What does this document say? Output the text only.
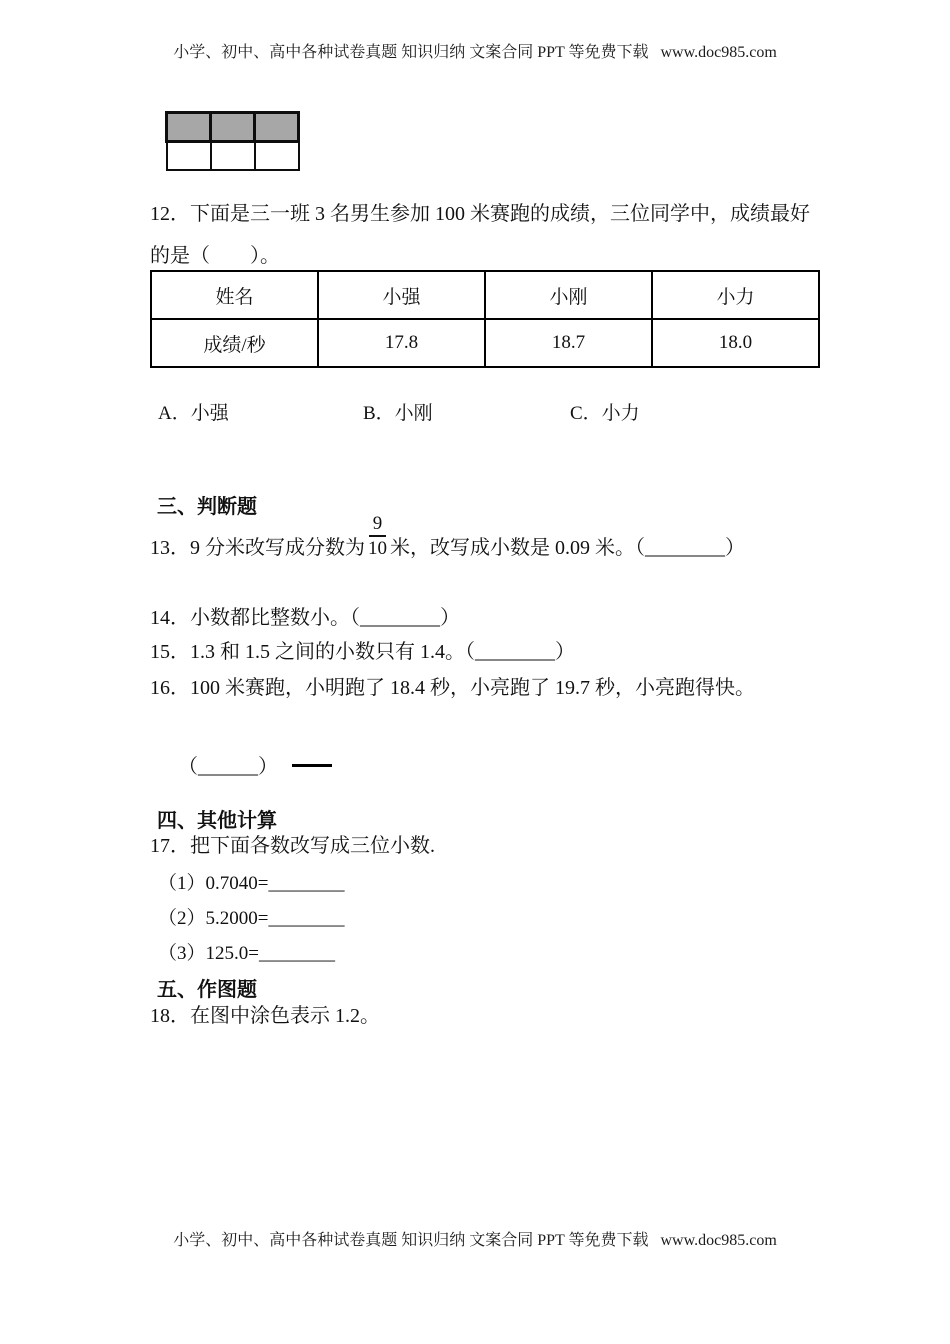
小学、初中、高中各种试卷真题 知识归纳 文案合同 PPT 等免费下载   www.doc985.com

12．下面是三一班 3 名男生参加 100 米赛跑的成绩，三位同学中，成绩最好
的是（　　）。
姓名	小强	小刚	小力
成绩/秒	17.8	18.7	18.0
A．小强	B．小刚	C．小力
三、判断题
13．9 分米改写成分数为 $\frac{9}{10}$ 米，改写成小数是 0.09 米。（________）
14．小数都比整数小。（________）
15．1.3 和 1.5 之间的小数只有 1.4。（________）
16．100 米赛跑，小明跑了 18.4 秒，小亮跑了 19.7 秒，小亮跑得快。

（______）

四、其他计算
17．把下面各数改写成三位小数.
（1）0.7040=________
（2）5.2000=________
（3）125.0=________
五、作图题
18．在图中涂色表示 1.2。
小学、初中、高中各种试卷真题 知识归纳 文案合同 PPT 等免费下载   www.doc985.com
